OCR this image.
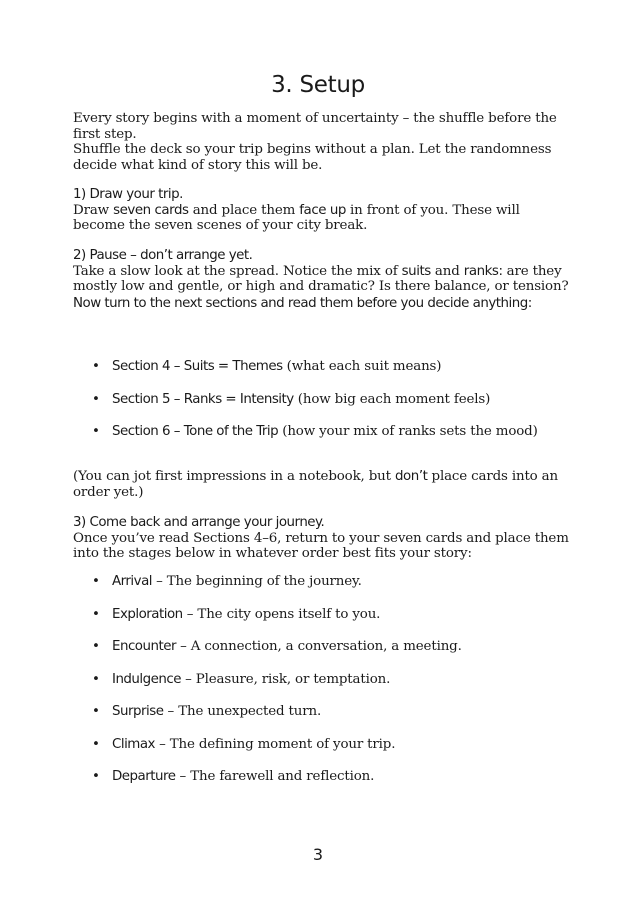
3. Setup

Every story begins with a moment of uncertainty – the shuffle before the first step.

Shuffle the deck so your trip begins without a plan. Let the randomness decide what kind of story this will be.

1) Draw your trip.

Draw seven cards and place them face up in front of you. These will become the seven scenes of your city break.

2) Pause – don’t arrange yet.

Take a slow look at the spread. Notice the mix of suits and ranks: are they mostly low and gentle, or high and dramatic? Is there balance, or tension?

Now turn to the next sections and read them before you decide anything:

• Section 4 – Suits = Themes (what each suit means)
• Section 5 – Ranks = Intensity (how big each moment feels)
• Section 6 – Tone of the Trip (how your mix of ranks sets the mood)

(You can jot first impressions in a notebook, but don’t place cards into an order yet.)

3) Come back and arrange your journey.

Once you’ve read Sections 4–6, return to your seven cards and place them into the stages below in whatever order best fits your story:

• Arrival – The beginning of the journey.
• Exploration – The city opens itself to you.
• Encounter – A connection, a conversation, a meeting.
• Indulgence – Pleasure, risk, or temptation.
• Surprise – The unexpected turn.
• Climax – The defining moment of your trip.
• Departure – The farewell and reflection.
3
